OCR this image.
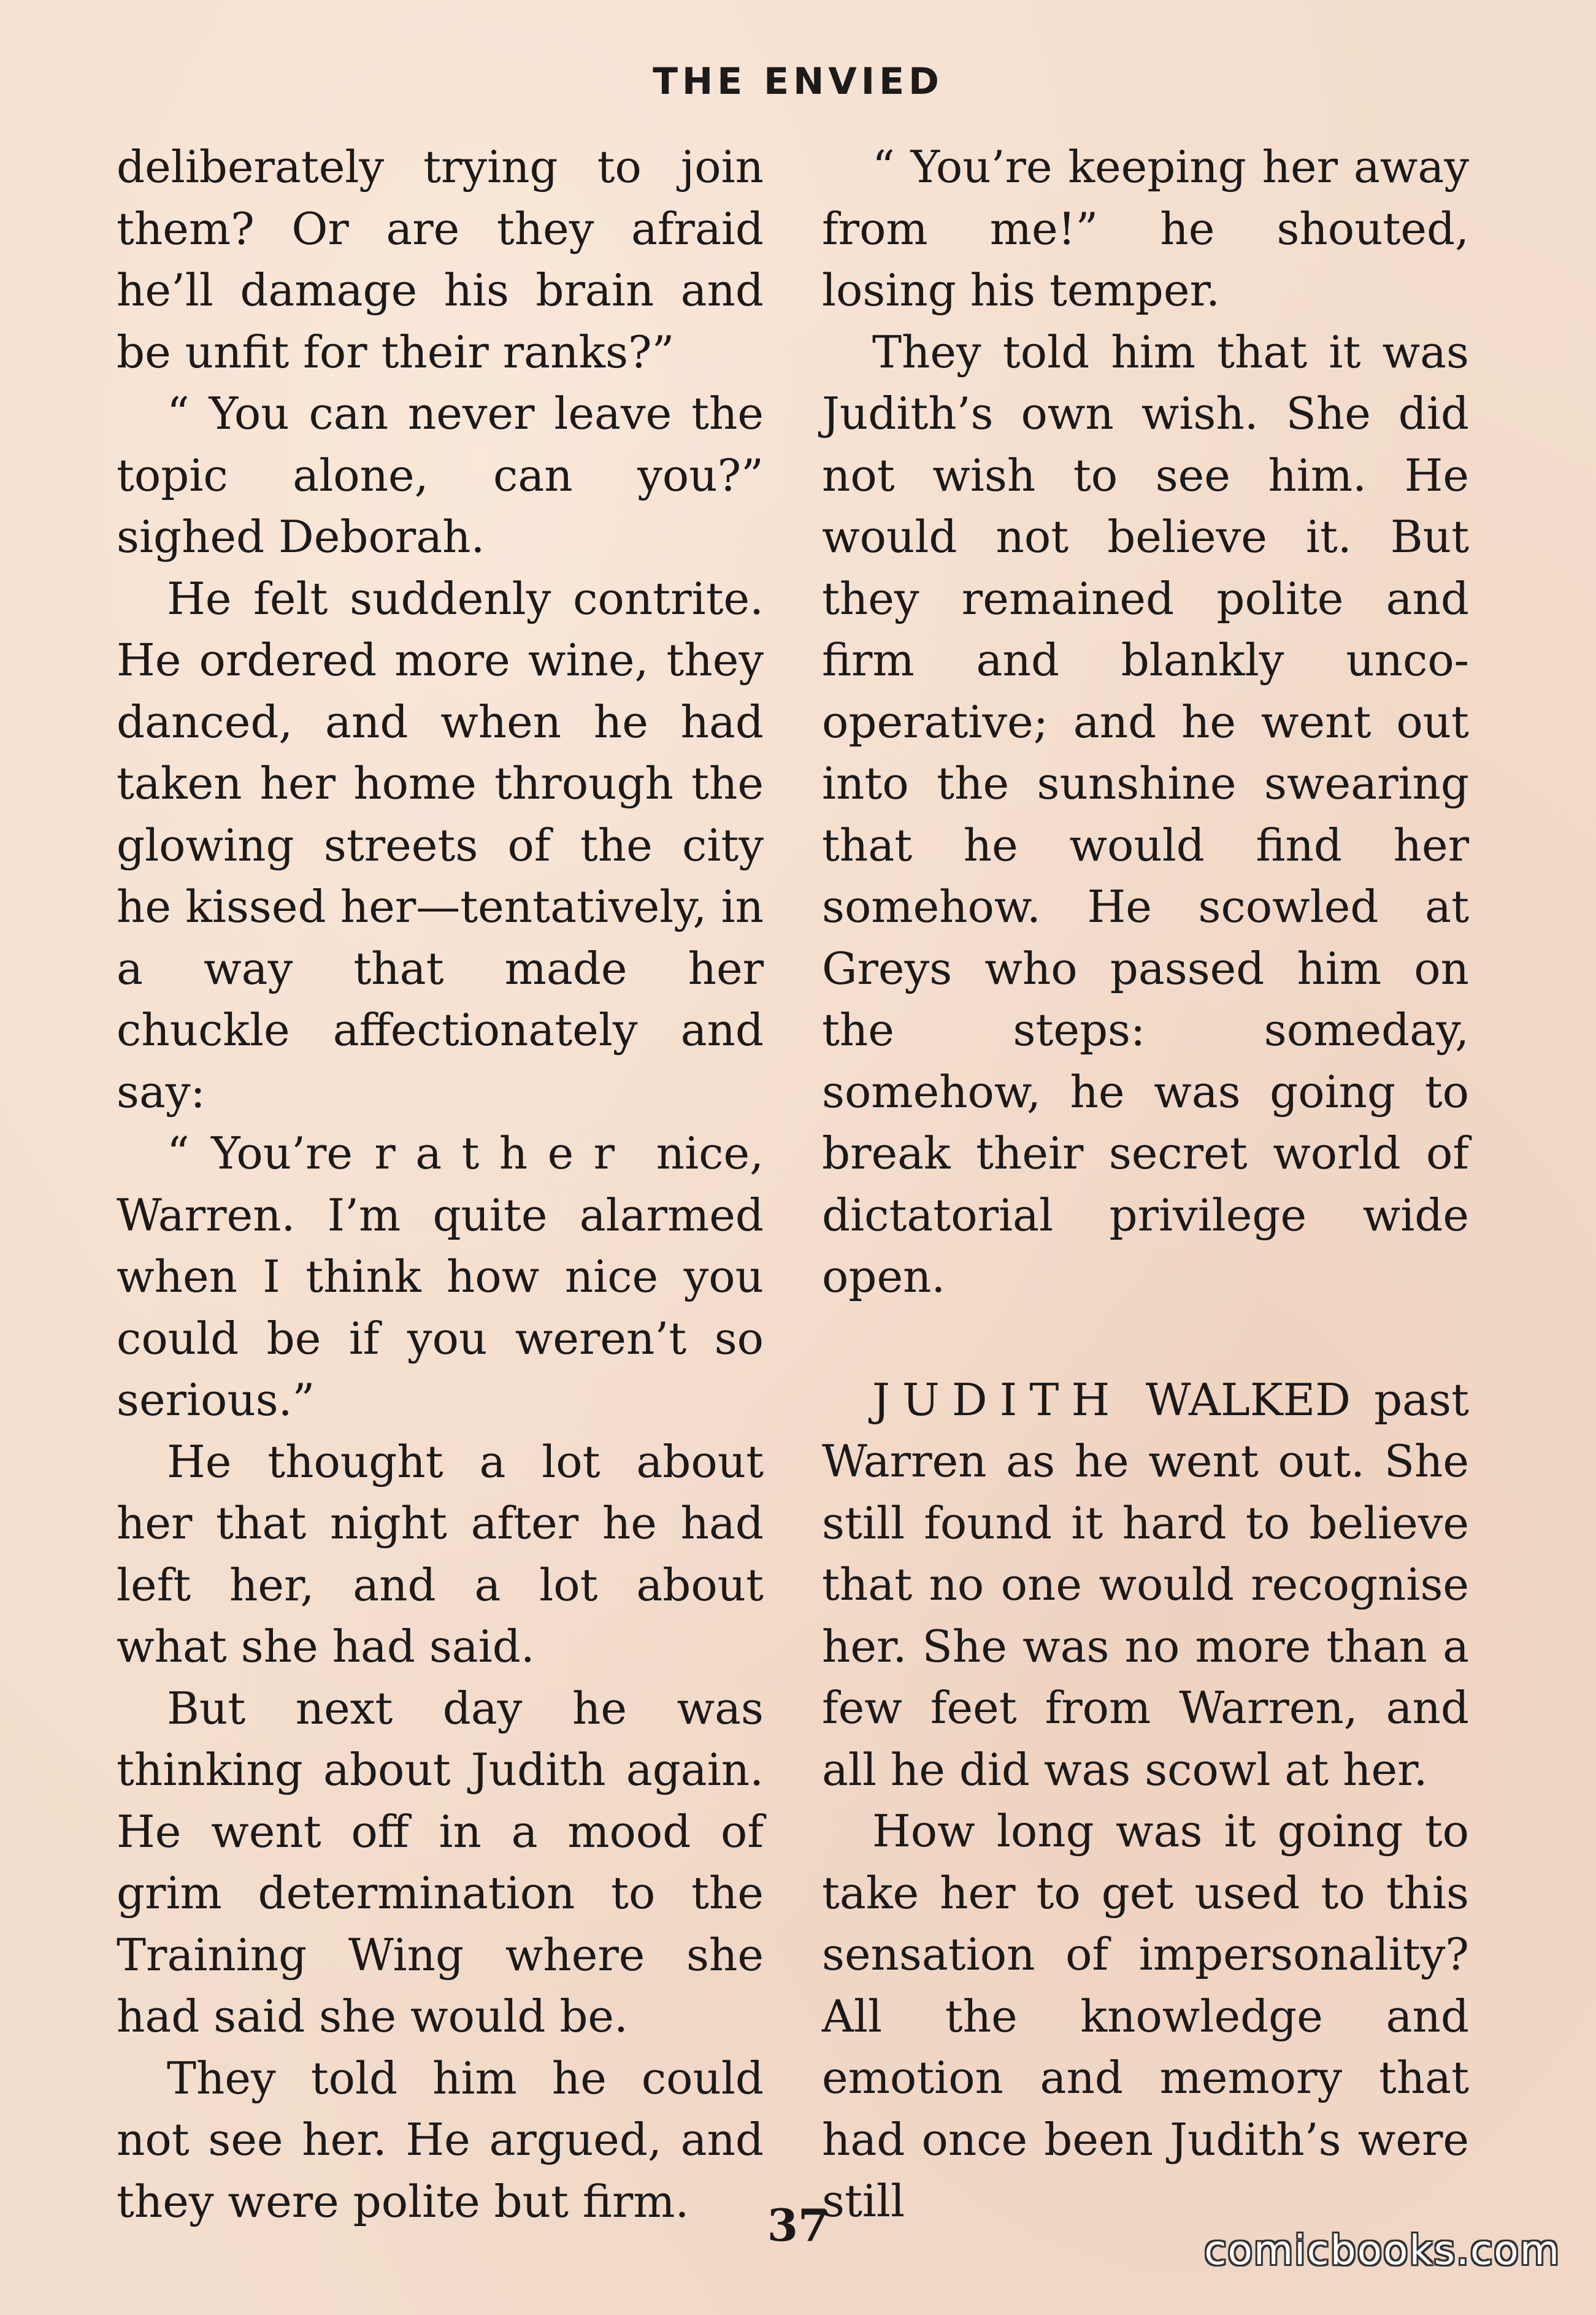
THE ENVIED

deliberately trying to join them? Or are they afraid he’ll damage his brain and be unfit for their ranks?”

“ You can never leave the topic alone, can you?” sighed Deborah.

He felt suddenly contrite. He ordered more wine, they danced, and when he had taken her home through the glowing streets of the city he kissed her—tentatively, in a way that made her chuckle affectionately and say:

“ You’re rather nice, Warren. I’m quite alarmed when I think how nice you could be if you weren’t so serious.”

He thought a lot about her that night after he had left her, and a lot about what she had said.

But next day he was thinking about Judith again. He went off in a mood of grim determination to the Training Wing where she had said she would be.

They told him he could not see her. He argued, and they were polite but firm.

“ You’re keeping her away from me!” he shouted, losing his temper.

They told him that it was Judith’s own wish. She did not wish to see him. He would not believe it. But they remained polite and firm and blankly unco-operative; and he went out into the sunshine swearing that he would find her somehow. He scowled at Greys who passed him on the steps: someday, somehow, he was going to break their secret world of dictatorial privilege wide open.

JUDITH WALKED past Warren as he went out. She still found it hard to believe that no one would recognise her. She was no more than a few feet from Warren, and all he did was scowl at her.

How long was it going to take her to get used to this sensation of impersonality? All the knowledge and emotion and memory that had once been Judith’s were still

37	comicbooks.com
